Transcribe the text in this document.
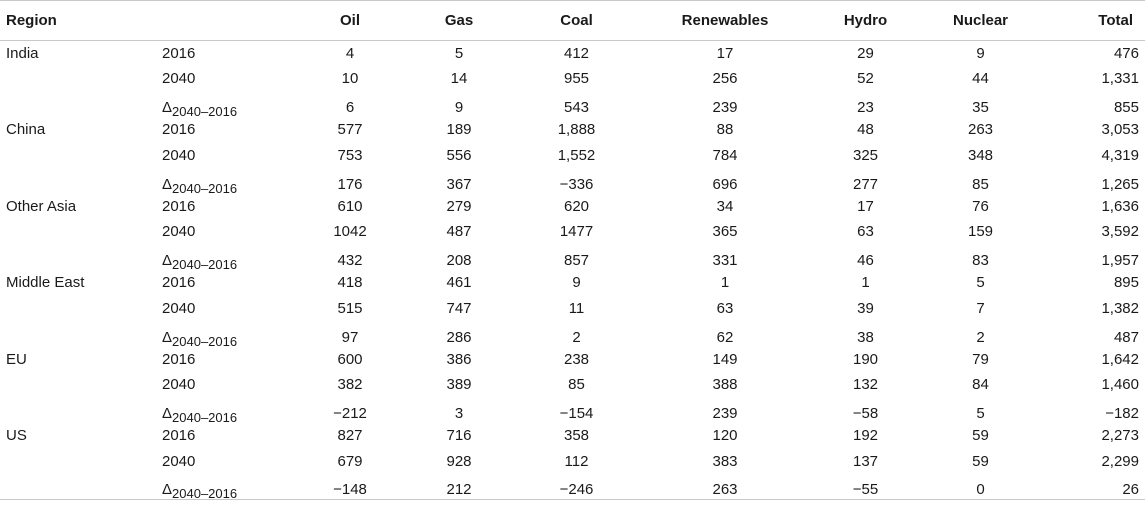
Region		Oil	Gas	Coal	Renewables	Hydro	Nuclear	Total
India	2016	4	5	412	17	29	9	476
	2040	10	14	955	256	52	44	1,331
	Δ2040–2016	6	9	543	239	23	35	855
China	2016	577	189	1,888	88	48	263	3,053
	2040	753	556	1,552	784	325	348	4,319
	Δ2040–2016	176	367	−336	696	277	85	1,265
Other Asia	2016	610	279	620	34	17	76	1,636
	2040	1042	487	1477	365	63	159	3,592
	Δ2040–2016	432	208	857	331	46	83	1,957
Middle East	2016	418	461	9	1	1	5	895
	2040	515	747	11	63	39	7	1,382
	Δ2040–2016	97	286	2	62	38	2	487
EU	2016	600	386	238	149	190	79	1,642
	2040	382	389	85	388	132	84	1,460
	Δ2040–2016	−212	3	−154	239	−58	5	−182
US	2016	827	716	358	120	192	59	2,273
	2040	679	928	112	383	137	59	2,299
	Δ2040–2016	−148	212	−246	263	−55	0	26
